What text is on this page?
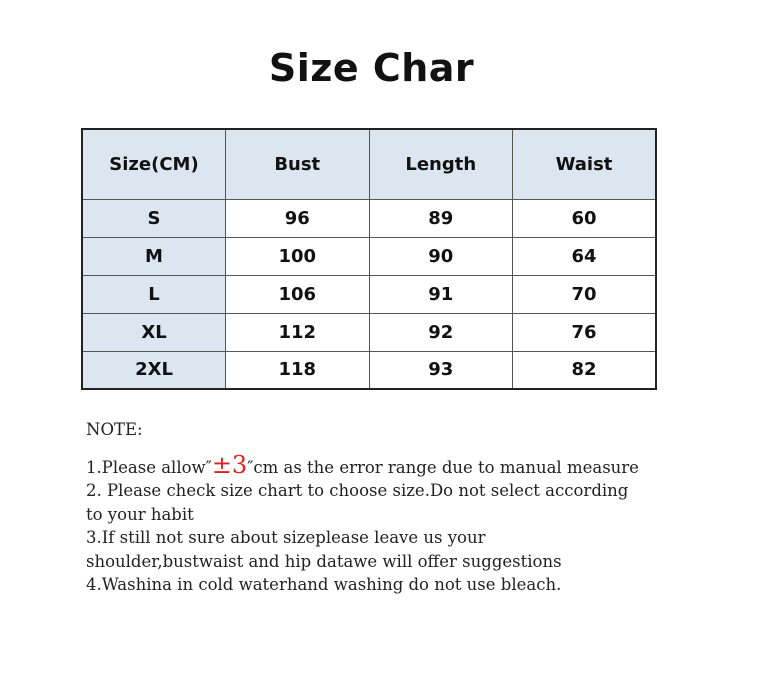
Size Char
Size(CM)	Bust	Length	Waist
S	96	89	60
M	100	90	64
L	106	91	70
XL	112	92	76
2XL	118	93	82

NOTE:

1.Please allow″±3″cm as the error range due to manual measure

2. Please check size chart to choose size.Do not select according to your habit

3.If still not sure about sizeplease leave us your shoulder,bustwaist and hip datawe will offer suggestions

4.Washina in cold waterhand washing do not use bleach.
